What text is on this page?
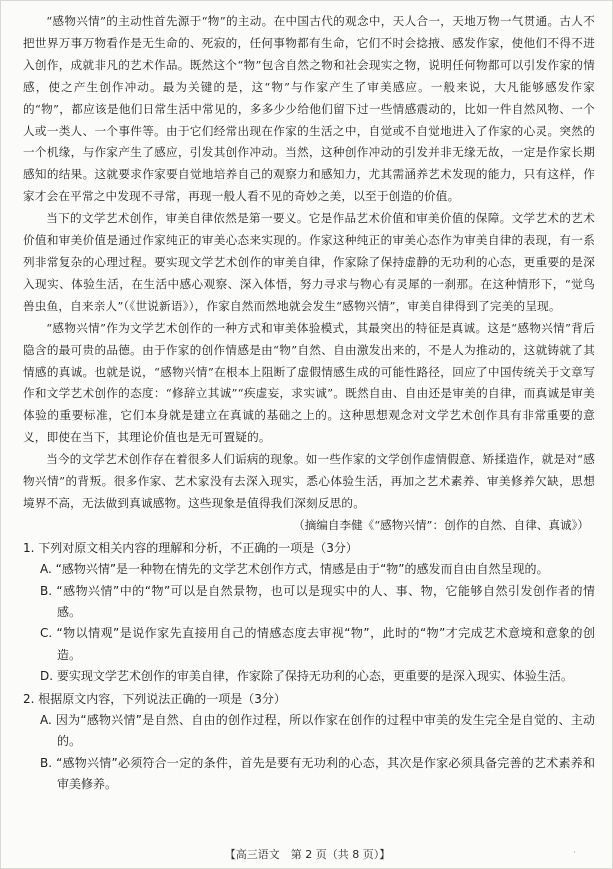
“感物兴情”的主动性首先源于“物”的主动。在中国古代的观念中，天人合一，天地万物一气贯通。古人不把世界万事万物看作是无生命的、死寂的，任何事物都有生命，它们不时会捻掖、感发作家，使他们不得不进入创作，成就非凡的艺术作品。既然这个“物”包含自然之物和社会现实之物，说明任何物都可以引发作家的情感，使之产生创作冲动。最为关键的是，这“物”与作家产生了审美感应。一般来说，大凡能够感发作家的“物”，都应该是他们日常生活中常见的，多多少少给他们留下过一些情感震动的，比如一件自然风物、一个人或一类人、一个事件等。由于它们经常出现在作家的生活之中，自觉或不自觉地进入了作家的心灵。突然的一个机缘，与作家产生了感应，引发其创作冲动。当然，这种创作冲动的引发并非无缘无故，一定是作家长期感知的结果。这就要求作家要自觉地培养自己的观察力和感知力，尤其需涵养艺术发现的能力，只有这样，作家才会在平常之中发现不寻常，再现一般人看不见的奇妙之美，以至于创造的价值。

当下的文学艺术创作，审美自律依然是第一要义。它是作品艺术价值和审美价值的保障。文学艺术的艺术价值和审美价值是通过作家纯正的审美心态来实现的。作家这种纯正的审美心态作为审美自律的表现，有一系列非常复杂的心理过程。要实现文学艺术创作的审美自律，作家除了保持虚静的无功利的心态，更重要的是深入现实、体验生活，在生活中感心观察、深入体悟，努力寻求与物心有灵犀的一刹那。在这种情形下，“觉鸟兽虫鱼，自来亲人”（《世说新语》），作家自然而然地就会发生“感物兴情”，审美自律得到了完美的呈现。

“感物兴情”作为文学艺术创作的一种方式和审美体验模式，其最突出的特征是真诚。这是“感物兴情”背后隐含的最可贵的品德。由于作家的创作情感是由“物”自然、自由激发出来的，不是人为推动的，这就铸就了其情感的真诚。也就是说，“感物兴情”在根本上阻断了虚假情感生成的可能性路径，回应了中国传统关于文章写作和文学艺术创作的态度：“修辞立其诚”“疾虚妄，求实诚”。既然自由、自由还是审美的自律，而真诚是审美体验的重要标准，它们本身就是建立在真诚的基础之上的。这种思想观念对文学艺术创作具有非常重要的意义，即使在当下，其理论价值也是无可置疑的。

当今的文学艺术创作存在着很多人们诟病的现象。如一些作家的文学创作虚情假意、矫揉造作，就是对“感物兴情”的背叛。很多作家、艺术家没有去深入现实，悉心体验生活，再加之艺术素养、审美修养欠缺，思想境界不高，无法做到真诚感物。这些现象是值得我们深刻反思的。

（摘编自李健《“感物兴情”：创作的自然、自律、真诚》）

1. 下列对原文相关内容的理解和分析，不正确的一项是（3分）

A. “感物兴情”是一种物在情先的文学艺术创作方式，情感是由于“物”的感发而自由自然呈现的。

B. “感物兴情”中的“物”可以是自然景物，也可以是现实中的人、事、物，它能够自然引发创作者的情感。

C. “物以情观”是说作家先直接用自己的情感态度去审视“物”，此时的“物”才完成艺术意境和意象的创造。

D. 要实现文学艺术创作的审美自律，作家除了保持无功利的心态，更重要的是深入现实、体验生活。

2. 根据原文内容，下列说法正确的一项是（3分）

A. 因为“感物兴情”是自然、自由的创作过程，所以作家在创作的过程中审美的发生完全是自觉的、主动的。

B. “感物兴情”必须符合一定的条件，首先是要有无功利的心态，其次是作家必须具备完善的艺术素养和审美修养。

【高三语文　第 2 页（共 8 页）】	·
